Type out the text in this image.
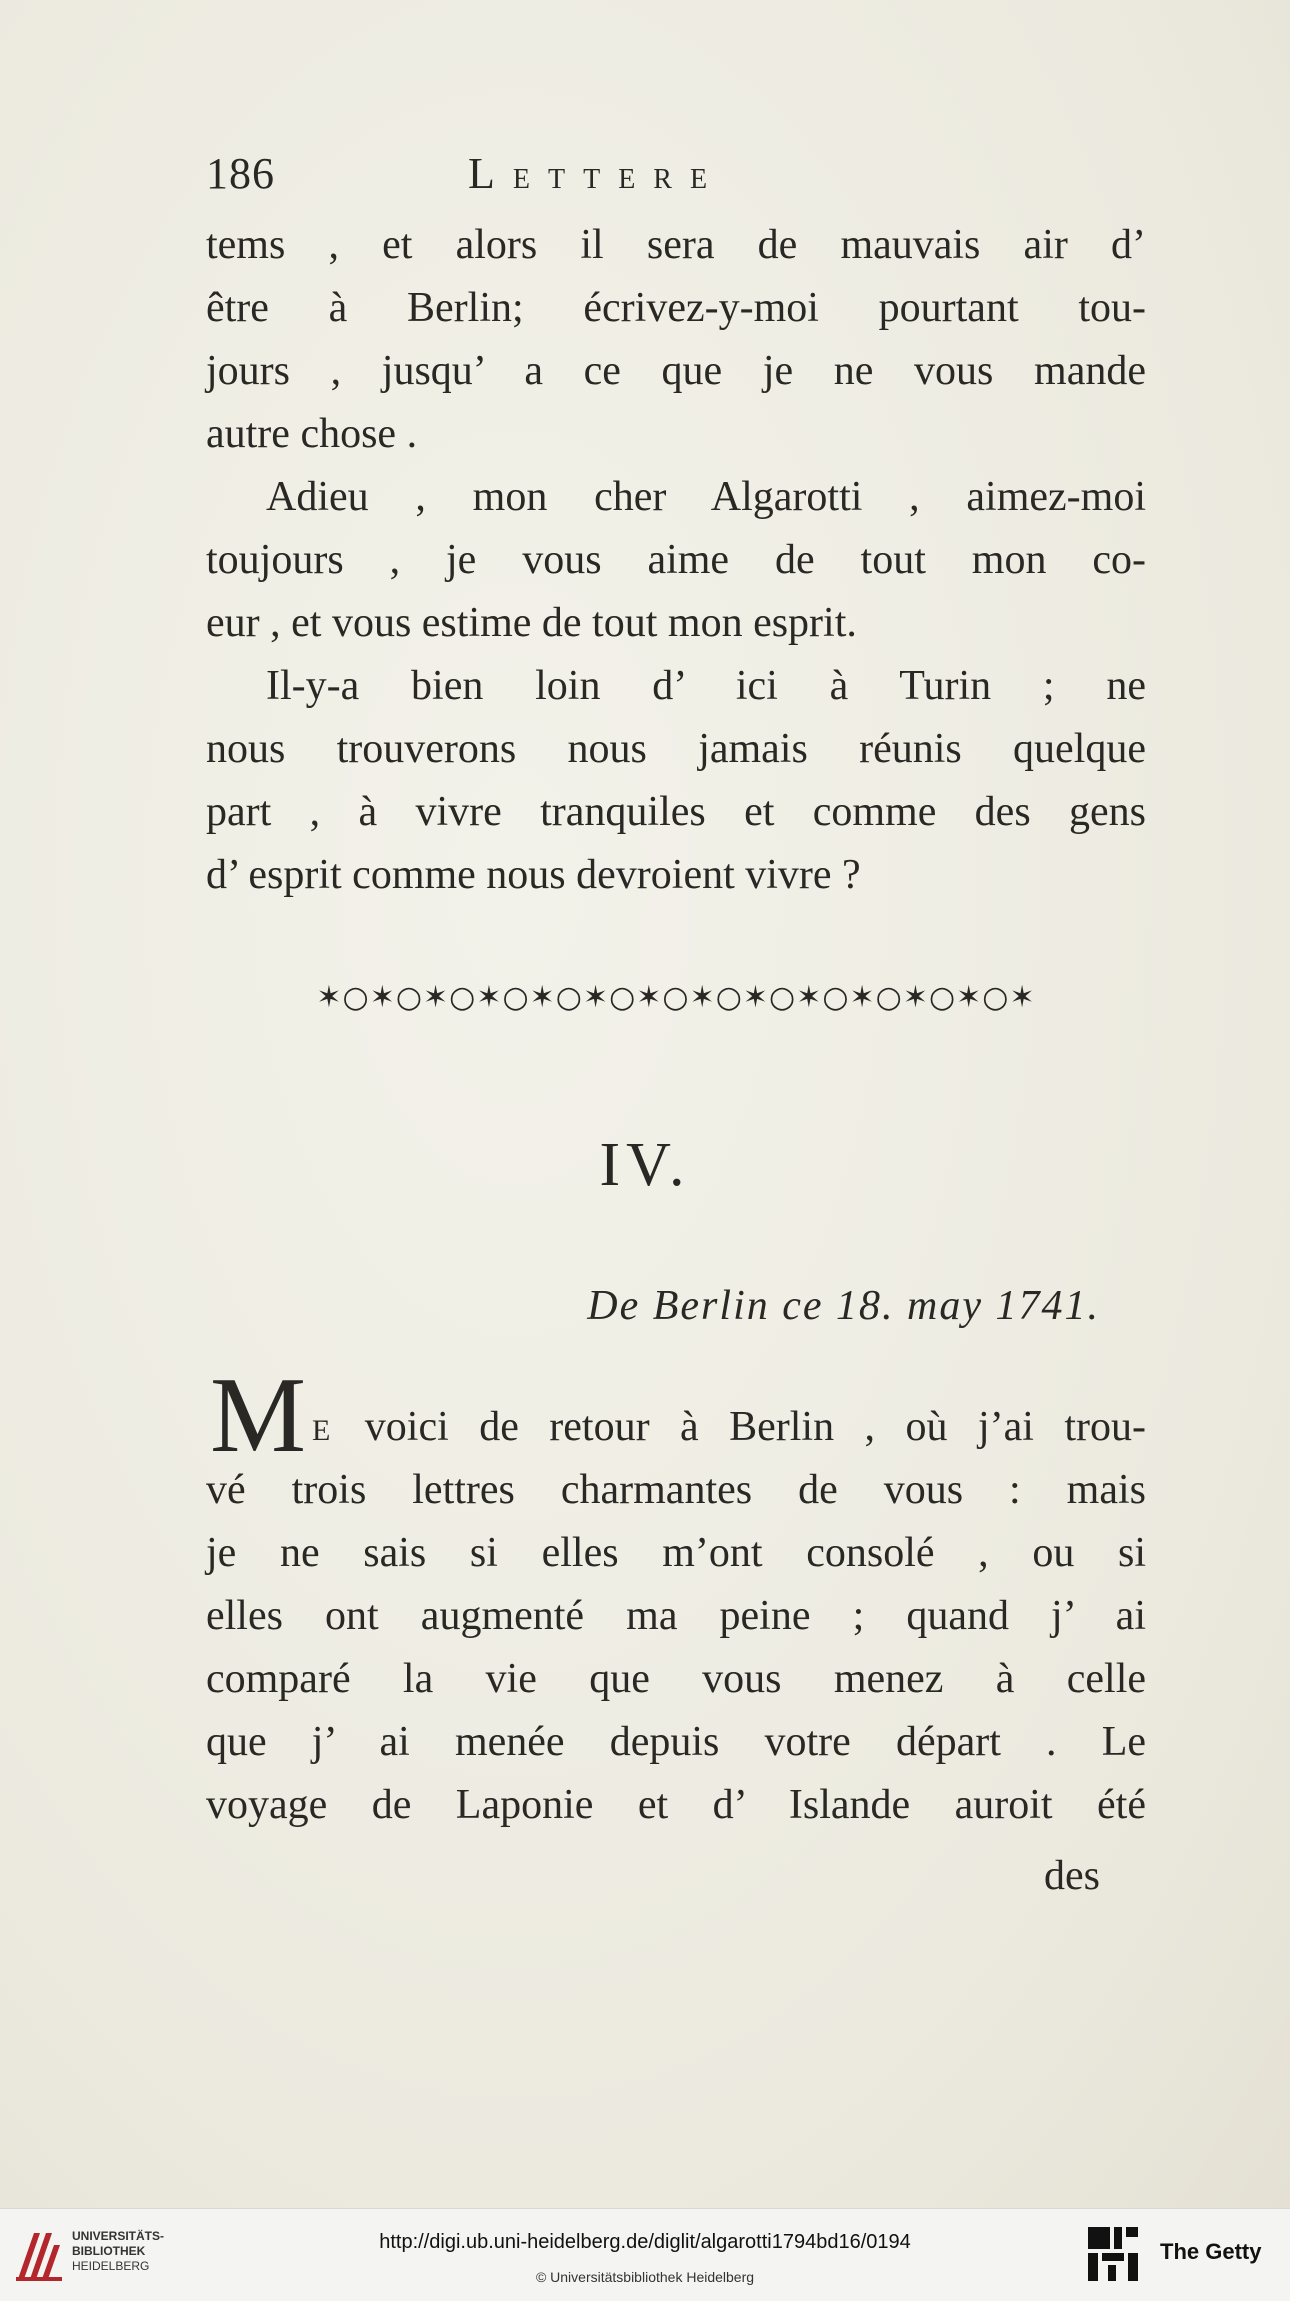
186	LETTERE
tems , et alors il sera de mauvais air d’
être à Berlin; écrivez-y-moi pourtant tou-
jours , jusqu’ a ce que je ne vous mande
autre chose .
Adieu , mon cher Algarotti , aimez-moi
toujours , je vous aime de tout mon co-
eur , et vous estime de tout mon esprit.
Il-y-a bien loin d’ ici à Turin ; ne
nous trouverons nous jamais réunis quelque
part , à vivre tranquiles et comme des gens
d’ esprit comme nous devroient vivre ?
✶○✶○✶○✶○✶○✶○✶○✶○✶○✶○✶○✶○✶○✶
IV.
De Berlin ce 18. may 1741.
M E voici de retour à Berlin , où j’ai trou-
vé trois lettres charmantes de vous : mais
je ne sais si elles m’ont consolé , ou si
elles ont augmenté ma peine ; quand j’ ai
comparé la vie que vous menez à celle
que j’ ai menée depuis votre départ . Le
voyage de Laponie et d’ Islande auroit été
des
UNIVERSITÄTS-
BIBLIOTHEK
HEIDELBERG
http://digi.ub.uni-heidelberg.de/diglit/algarotti1794bd16/0194
© Universitätsbibliothek Heidelberg
The Getty
